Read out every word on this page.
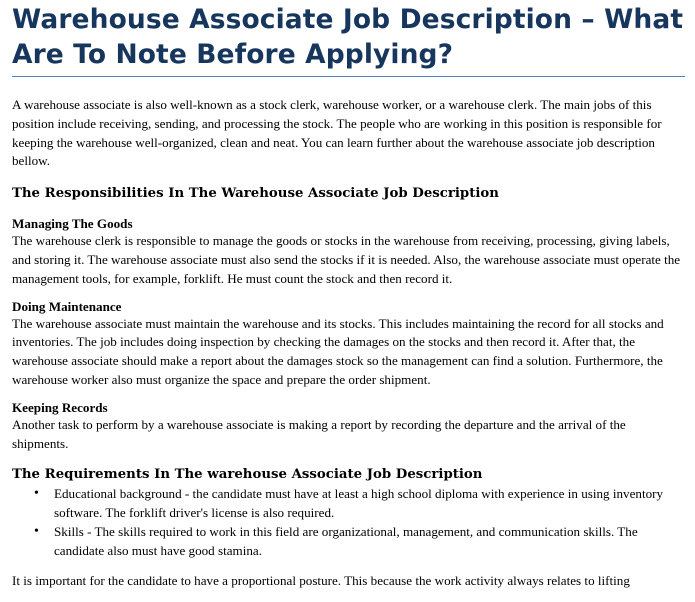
Warehouse Associate Job Description – What Are To Note Before Applying?

A warehouse associate is also well-known as a stock clerk, warehouse worker, or a warehouse clerk. The main jobs of this position include receiving, sending, and processing the stock. The people who are working in this position is responsible for keeping the warehouse well-organized, clean and neat. You can learn further about the warehouse associate job description bellow.

The Responsibilities In The Warehouse Associate Job Description
Managing The Goods

The warehouse clerk is responsible to manage the goods or stocks in the warehouse from receiving, processing, giving labels, and storing it. The warehouse associate must also send the stocks if it is needed. Also, the warehouse associate must operate the management tools, for example, forklift. He must count the stock and then record it.

Doing Maintenance

The warehouse associate must maintain the warehouse and its stocks. This includes maintaining the record for all stocks and inventories. The job includes doing inspection by checking the damages on the stocks and then record it. After that, the warehouse associate should make a report about the damages stock so the management can find a solution. Furthermore, the warehouse worker also must organize the space and prepare the order shipment.

Keeping Records

Another task to perform by a warehouse associate is making a report by recording the departure and the arrival of the shipments.

The Requirements In The warehouse Associate Job Description
• Educational background - the candidate must have at least a high school diploma with experience in using inventory software. The forklift driver's license is also required.
• Skills - The skills required to work in this field are organizational, management, and communication skills. The candidate also must have good stamina.

It is important for the candidate to have a proportional posture. This because the work activity always relates to lifting
